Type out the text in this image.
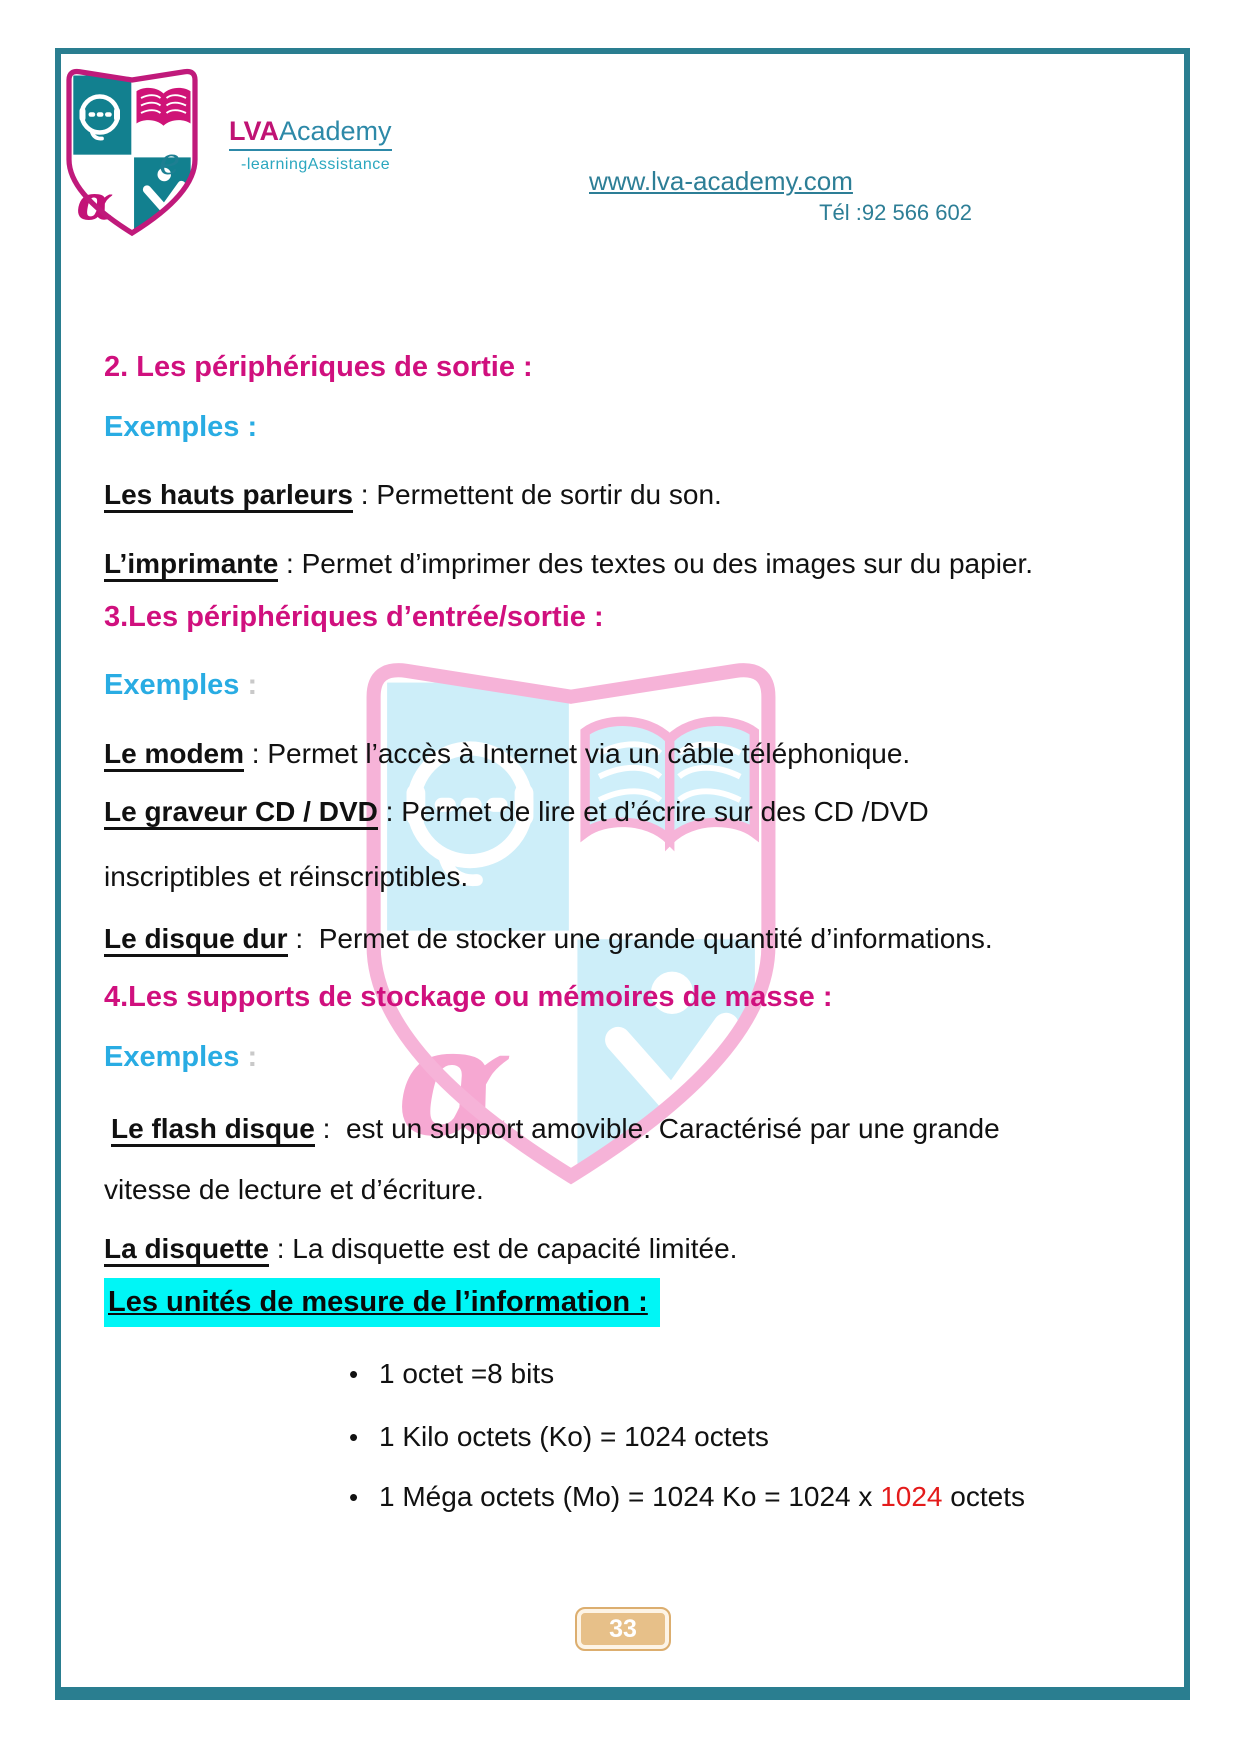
α
LVAAcademy
-learningAssistance
e	www.lva-academy.com
Tél :92 566 602
α
2. Les périphériques de sortie :
Exemples :
Les hauts parleurs : Permettent de sortir du son.
L’imprimante : Permet d’imprimer des textes ou des images sur du papier.
3.Les périphériques d’entrée/sortie :
Exemples :
Le modem : Permet l’accès à Internet via un câble téléphonique.
Le graveur CD / DVD : Permet de lire et d’écrire sur des CD /DVD
inscriptibles et réinscriptibles.
Le disque dur :  Permet de stocker une grande quantité d’informations.
4.Les supports de stockage ou mémoires de masse :
Exemples :
Le flash disque :  est un support amovible. Caractérisé par une grande
vitesse de lecture et d’écriture.
La disquette : La disquette est de capacité limitée.
Les unités de mesure de l’information :
• 1 octet =8 bits
• 1 Kilo octets (Ko) = 1024 octets
• 1 Méga octets (Mo) = 1024 Ko = 1024 x 1024 octets
33
